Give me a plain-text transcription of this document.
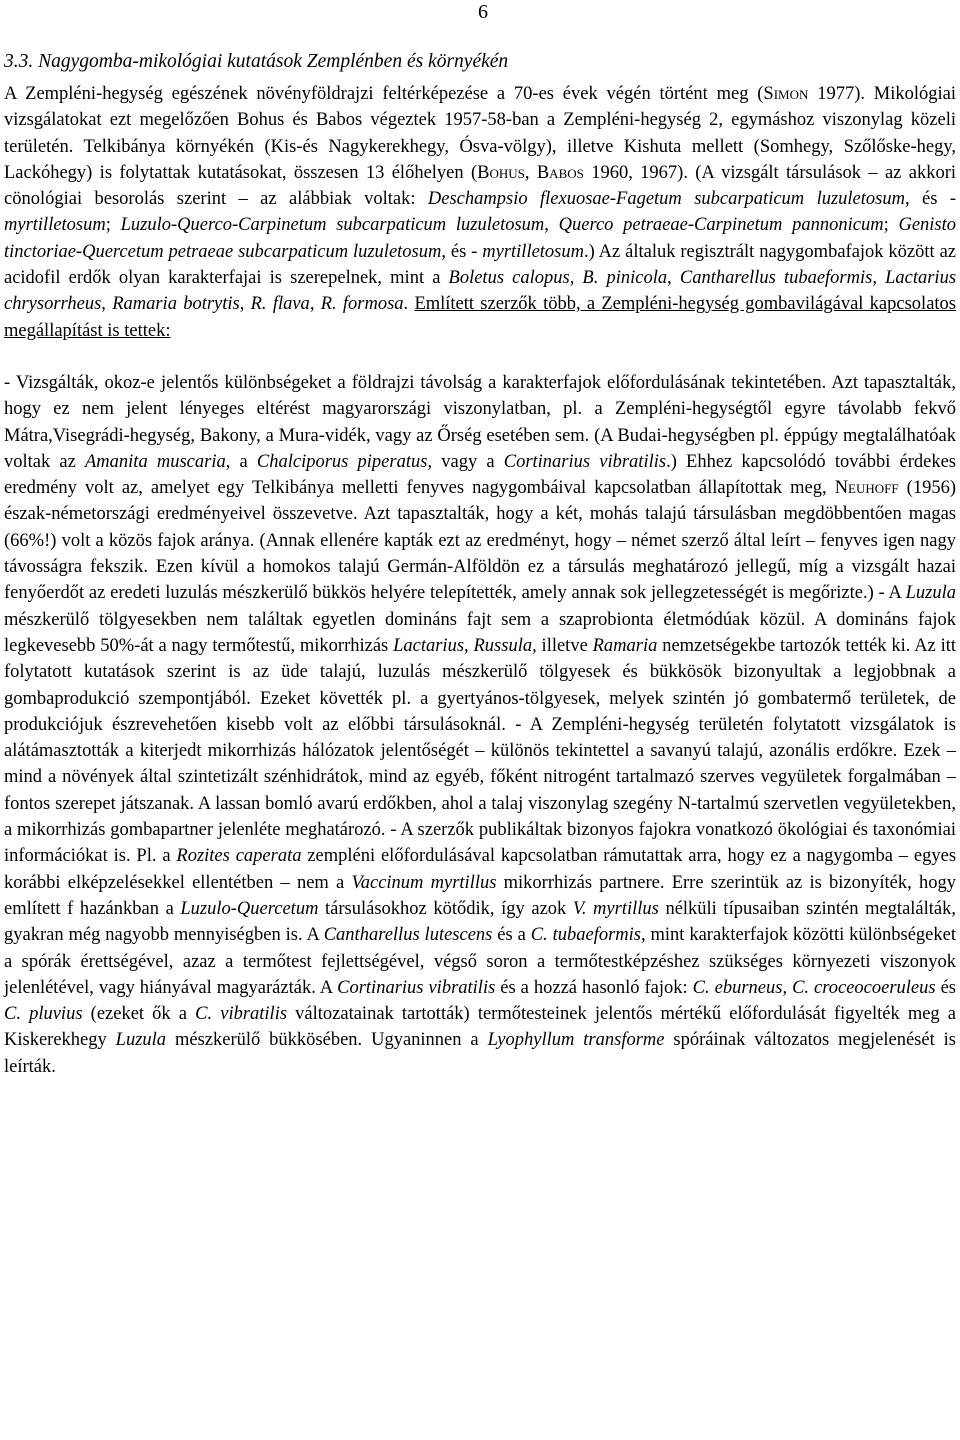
6
3.3. Nagygomba-mikológiai kutatások Zemplénben és környékén

A Zempléni-hegység egészének növényföldrajzi feltérképezése a 70-es évek végén történt meg (Simon 1977). Mikológiai vizsgálatokat ezt megelőzően Bohus és Babos végeztek 1957-58-ban a Zempléni-hegység 2, egymáshoz viszonylag közeli területén. Telkibánya környékén (Kis-és Nagykerekhegy, Ósva-völgy), illetve Kishuta mellett (Somhegy, Szőlőske-hegy, Lackóhegy) is folytattak kutatásokat, összesen 13 élőhelyen (Bohus, Babos 1960, 1967). (A vizsgált társulások – az akkori cönológiai besorolás szerint – az alábbiak voltak: Deschampsio flexuosae-Fagetum subcarpaticum luzuletosum, és - myrtilletosum; Luzulo-Querco-Carpinetum subcarpaticum luzuletosum, Querco petraeae-Carpinetum pannonicum; Genisto tinctoriae-Quercetum petraeae subcarpaticum luzuletosum, és - myrtilletosum.) Az általuk regisztrált nagygombafajok között az acidofil erdők olyan karakterfajai is szerepelnek, mint a Boletus calopus, B. pinicola, Cantharellus tubaeformis, Lactarius chrysorrheus, Ramaria botrytis, R. flava, R. formosa. Említett szerzők több, a Zempléni-hegység gombavilágával kapcsolatos megállapítást is tettek:

- Vizsgálták, okoz-e jelentős különbségeket a földrajzi távolság a karakterfajok előfordulásának tekintetében. Azt tapasztalták, hogy ez nem jelent lényeges eltérést magyarországi viszonylatban, pl. a Zempléni-hegységtől egyre távolabb fekvő Mátra,Visegrádi-hegység, Bakony, a Mura-vidék, vagy az Őrség esetében sem. (A Budai-hegységben pl. éppúgy megtalálhatóak voltak az Amanita muscaria, a Chalciporus piperatus, vagy a Cortinarius vibratilis.) Ehhez kapcsolódó további érdekes eredmény volt az, amelyet egy Telkibánya melletti fenyves nagygombáival kapcsolatban állapítottak meg, Neuhoff (1956) észak-németországi eredményeivel összevetve. Azt tapasztalták, hogy a két, mohás talajú társulásban megdöbbentően magas (66%!) volt a közös fajok aránya. (Annak ellenére kapták ezt az eredményt, hogy – német szerző által leírt – fenyves igen nagy távosságra fekszik. Ezen kívül a homokos talajú Germán-Alföldön ez a társulás meghatározó jellegű, míg a vizsgált hazai fenyőerdőt az eredeti luzulás mészkerülő bükkös helyére telepítették, amely annak sok jellegzetességét is megőrizte.) - A Luzula mészkerülő tölgyesekben nem találtak egyetlen domináns fajt sem a szaprobionta életmódúak közül. A domináns fajok legkevesebb 50%-át a nagy termőtestű, mikorrhizás Lactarius, Russula, illetve Ramaria nemzetségekbe tartozók tették ki. Az itt folytatott kutatások szerint is az üde talajú, luzulás mészkerülő tölgyesek és bükkösök bizonyultak a legjobbnak a gombaprodukció szempontjából. Ezeket követték pl. a gyertyános-tölgyesek, melyek szintén jó gombatermő területek, de produkciójuk észrevehetően kisebb volt az előbbi társulásoknál. - A Zempléni-hegység területén folytatott vizsgálatok is alátámasztották a kiterjedt mikorrhizás hálózatok jelentőségét – különös tekintettel a savanyú talajú, azonális erdőkre. Ezek – mind a növények által szintetizált szénhidrátok, mind az egyéb, főként nitrogént tartalmazó szerves vegyületek forgalmában – fontos szerepet játszanak. A lassan bomló avarú erdőkben, ahol a talaj viszonylag szegény N-tartalmú szervetlen vegyületekben, a mikorrhizás gombapartner jelenléte meghatározó. - A szerzők publikáltak bizonyos fajokra vonatkozó ökológiai és taxonómiai információkat is. Pl. a Rozites caperata zempléni előfordulásával kapcsolatban rámutattak arra, hogy ez a nagygomba – egyes korábbi elképzelésekkel ellentétben – nem a Vaccinum myrtillus mikorrhizás partnere. Erre szerintük az is bizonyíték, hogy említett f hazánkban a Luzulo-Quercetum társulásokhoz kötődik, így azok V. myrtillus nélküli típusaiban szintén megtalálták, gyakran még nagyobb mennyiségben is. A Cantharellus lutescens és a C. tubaeformis, mint karakterfajok közötti különbségeket a spórák érettségével, azaz a termőtest fejlettségével, végső soron a termőtestképzéshez szükséges környezeti viszonyok jelenlétével, vagy hiányával magyarázták. A Cortinarius vibratilis és a hozzá hasonló fajok: C. eburneus, C. croceocoeruleus és C. pluvius (ezeket ők a C. vibratilis változatainak tartották) termőtesteinek jelentős mértékű előfordulását figyelték meg a Kiskerekhegy Luzula mészkerülő bükkösében. Ugyaninnen a Lyophyllum transforme spóráinak változatos megjelenését is leírták.
